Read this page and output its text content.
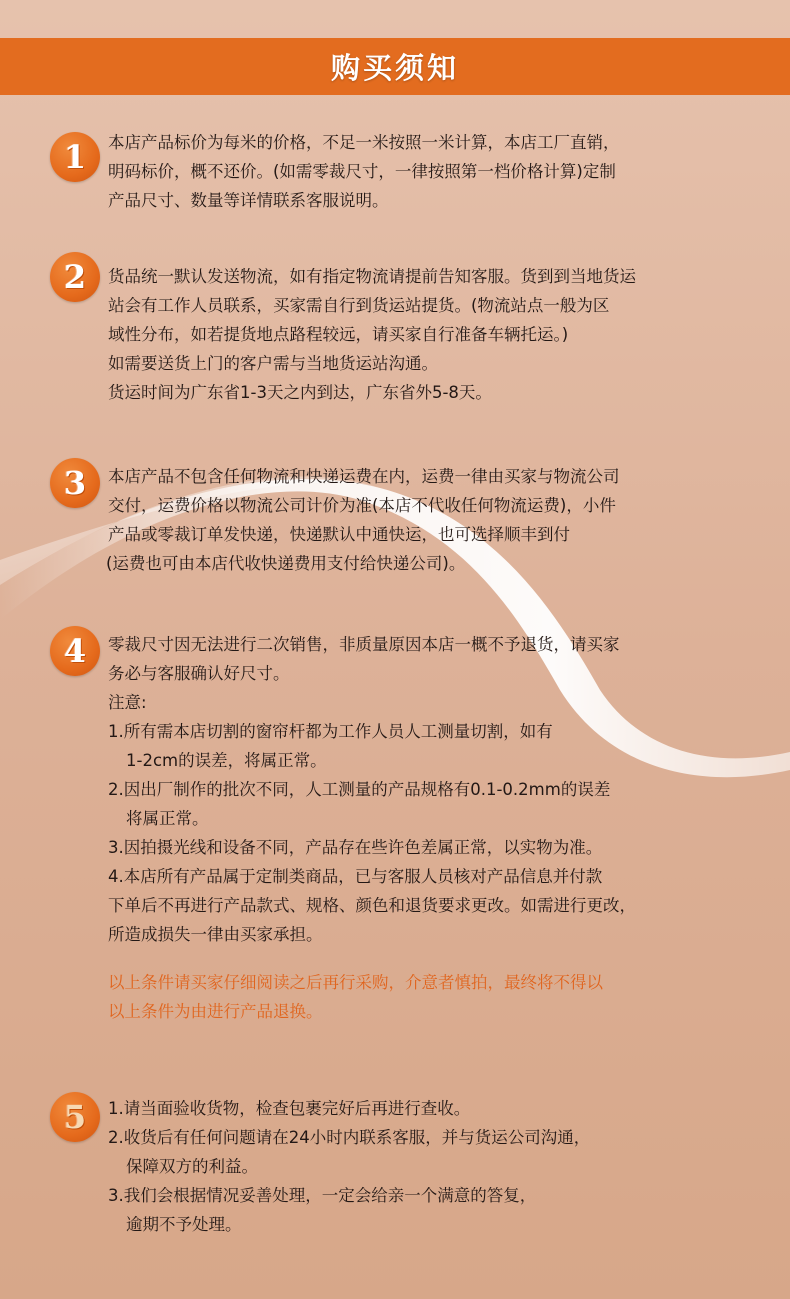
购买须知
1 本店产品标价为每米的价格，不足一米按照一米计算，本店工厂直销，
明码标价，概不还价。(如需零裁尺寸，一律按照第一档价格计算)定制
产品尺寸、数量等详情联系客服说明。
2 货品统一默认发送物流，如有指定物流请提前告知客服。货到到当地货运
站会有工作人员联系，买家需自行到货运站提货。(物流站点一般为区
域性分布，如若提货地点路程较远，请买家自行准备车辆托运。)
如需要送货上门的客户需与当地货运站沟通。
货运时间为广东省1-3天之内到达，广东省外5-8天。
3 本店产品不包含任何物流和快递运费在内，运费一律由买家与物流公司
交付，运费价格以物流公司计价为准(本店不代收任何物流运费)，小件
产品或零裁订单发快递，快递默认中通快运，也可选择顺丰到付
(运费也可由本店代收快递费用支付给快递公司)。
4 零裁尺寸因无法进行二次销售，非质量原因本店一概不予退货，请买家
务必与客服确认好尺寸。
注意:
1.所有需本店切割的窗帘杆都为工作人员人工测量切割，如有
1-2cm的误差，将属正常。
2.因出厂制作的批次不同，人工测量的产品规格有0.1-0.2mm的误差
将属正常。
3.因拍摄光线和设备不同，产品存在些许色差属正常，以实物为准。
4.本店所有产品属于定制类商品，已与客服人员核对产品信息并付款
下单后不再进行产品款式、规格、颜色和退货要求更改。如需进行更改，
所造成损失一律由买家承担。
以上条件请买家仔细阅读之后再行采购，介意者慎拍，最终将不得以
以上条件为由进行产品退换。
5 1.请当面验收货物，检查包裹完好后再进行查收。
2.收货后有任何问题请在24小时内联系客服，并与货运公司沟通，
保障双方的利益。
3.我们会根据情况妥善处理，一定会给亲一个满意的答复，
逾期不予处理。
